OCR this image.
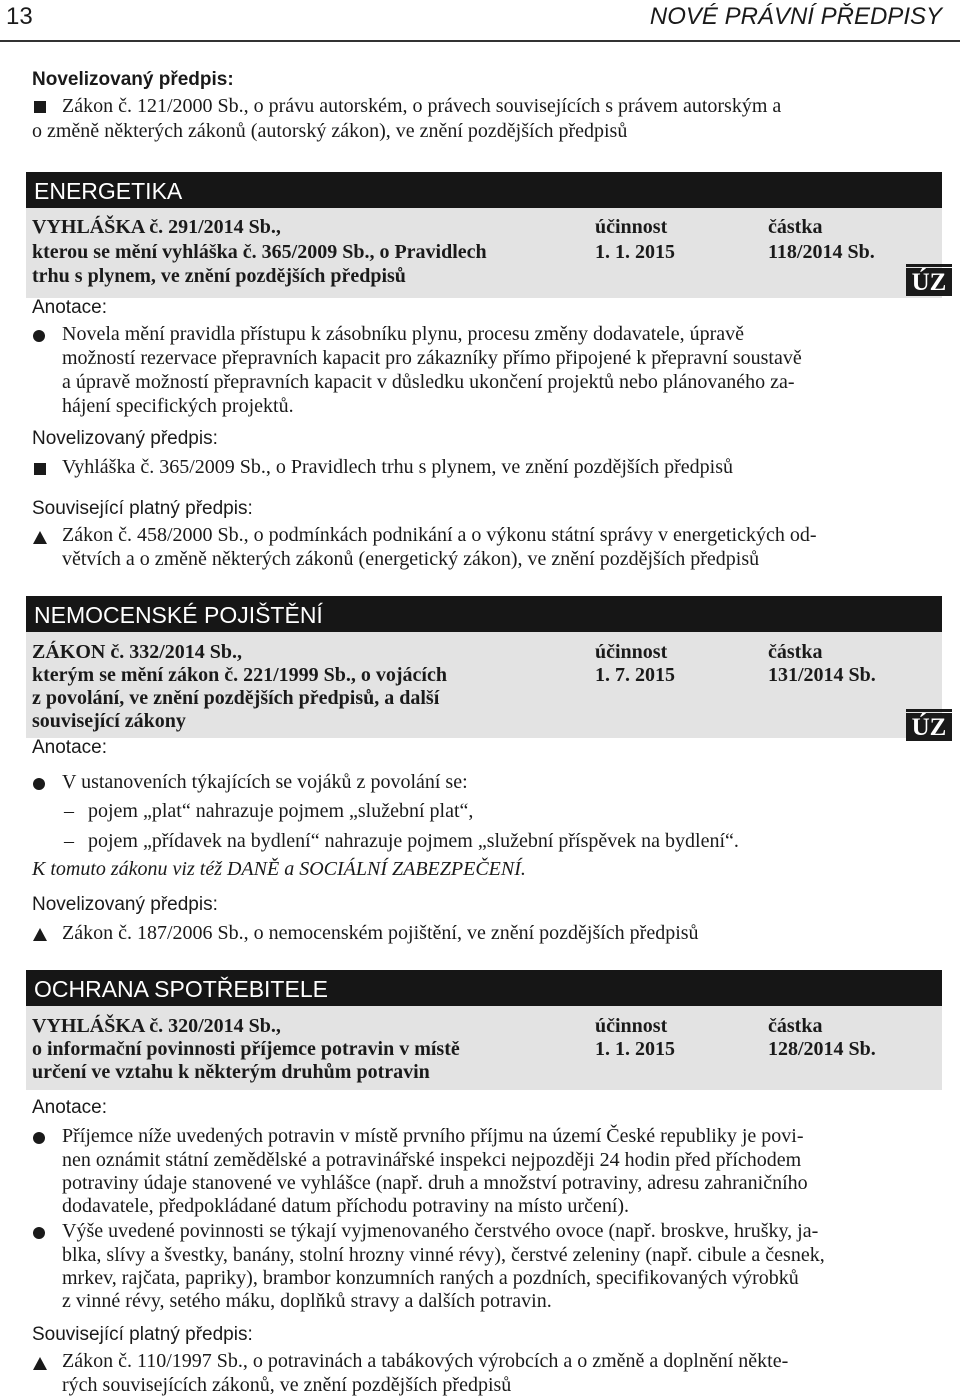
13	NOVÉ PRÁVNÍ PŘEDPISY
Novelizovaný předpis:
Zákon č. 121/2000 Sb., o právu autorském, o právech souvisejících s právem autorským a
o změně některých zákonů (autorský zákon), ve znění pozdějších předpisů
ENERGETIKA
VYHLÁŠKA č. 291/2014 Sb.,
kterou se mění vyhláška č. 365/2009 Sb., o Pravidlech
trhu s plynem, ve znění pozdějších předpisů
účinnost
1. 1. 2015
částka
118/2014 Sb.
ÚZ
Anotace:
Novela mění pravidla přístupu k zásobníku plynu, procesu změny dodavatele, úpravě
možností rezervace přepravních kapacit pro zákazníky přímo připojené k přepravní soustavě
a úpravě možností přepravních kapacit v důsledku ukončení projektů nebo plánovaného za-
hájení specifických projektů.
Novelizovaný předpis:
Vyhláška č. 365/2009 Sb., o Pravidlech trhu s plynem, ve znění pozdějších předpisů
Související platný předpis:
Zákon č. 458/2000 Sb., o podmínkách podnikání a o výkonu státní správy v energetických od-
větvích a o změně některých zákonů (energetický zákon), ve znění pozdějších předpisů
NEMOCENSKÉ POJIŠTĚNÍ
ZÁKON č. 332/2014 Sb.,
kterým se mění zákon č. 221/1999 Sb., o vojácích
z povolání, ve znění pozdějších předpisů, a další
související zákony
účinnost
1. 7. 2015
částka
131/2014 Sb.
ÚZ
Anotace:
V ustanoveních týkajících se vojáků z povolání se:
– pojem „plat“ nahrazuje pojmem „služební plat“,
– pojem „přídavek na bydlení“ nahrazuje pojmem „služební příspěvek na bydlení“.
K tomuto zákonu viz též DANĚ a SOCIÁLNÍ ZABEZPEČENÍ.
Novelizovaný předpis:
Zákon č. 187/2006 Sb., o nemocenském pojištění, ve znění pozdějších předpisů
OCHRANA SPOTŘEBITELE
VYHLÁŠKA č. 320/2014 Sb.,
o informační povinnosti příjemce potravin v místě
určení ve vztahu k některým druhům potravin
účinnost
1. 1. 2015
částka
128/2014 Sb.
Anotace:
Příjemce níže uvedených potravin v místě prvního příjmu na území České republiky je povi-
nen oznámit státní zemědělské a potravinářské inspekci nejpozději 24 hodin před příchodem
potraviny údaje stanovené ve vyhlášce (např. druh a množství potraviny, adresu zahraničního
dodavatele, předpokládané datum příchodu potraviny na místo určení).
Výše uvedené povinnosti se týkají vyjmenovaného čerstvého ovoce (např. broskve, hrušky, ja-
blka, slívy a švestky, banány, stolní hrozny vinné révy), čerstvé zeleniny (např. cibule a česnek,
mrkev, rajčata, papriky), brambor konzumních raných a pozdních, specifikovaných výrobků
z vinné révy, setého máku, doplňků stravy a dalších potravin.
Související platný předpis:
Zákon č. 110/1997 Sb., o potravinách a tabákových výrobcích a o změně a doplnění někte-
rých souvisejících zákonů, ve znění pozdějších předpisů
